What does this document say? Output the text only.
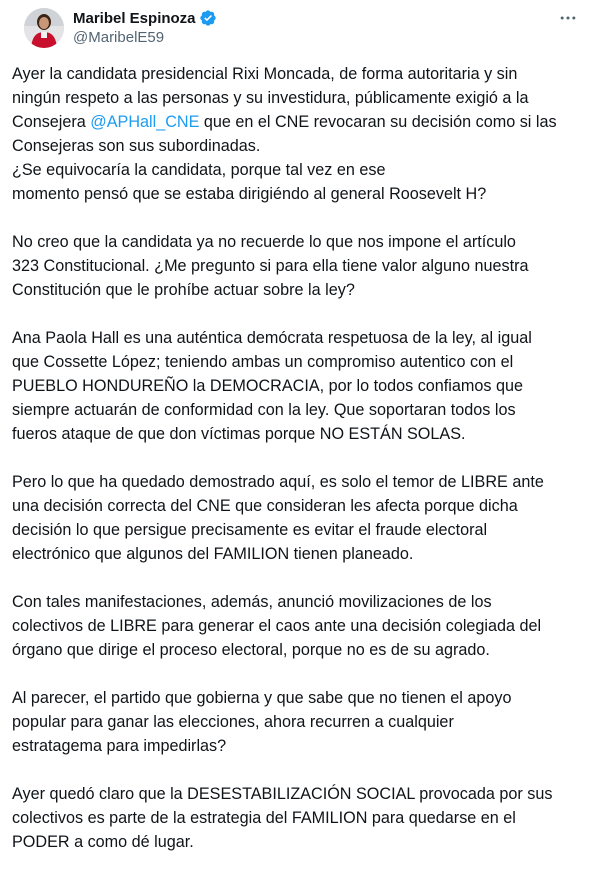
Maribel Espinoza
@MaribelE59
Ayer la candidata presidencial Rixi Moncada, de forma autoritaria y sin
ningún respeto a las personas y su investidura, públicamente exigió a la
Consejera @APHall_CNE que en el CNE revocaran su decisión como si las
Consejeras son sus subordinadas.
¿Se equivocaría la candidata, porque tal vez en ese
momento pensó que se estaba dirigiéndo al general Roosevelt H?
No creo que la candidata ya no recuerde lo que nos impone el artículo
323 Constitucional. ¿Me pregunto si para ella tiene valor alguno nuestra
Constitución que le prohíbe actuar sobre la ley?
Ana Paola Hall es una auténtica demócrata respetuosa de la ley, al igual
que Cossette López; teniendo ambas un compromiso autentico con el
PUEBLO HONDUREÑO la DEMOCRACIA, por lo todos confiamos que
siempre actuarán de conformidad con la ley. Que soportaran todos los
fueros ataque de que don víctimas porque NO ESTÁN SOLAS.
Pero lo que ha quedado demostrado aquí, es solo el temor de LIBRE ante
una decisión correcta del CNE que consideran les afecta porque dicha
decisión lo que persigue precisamente es evitar el fraude electoral
electrónico que algunos del FAMILION tienen planeado.
Con tales manifestaciones, además, anunció movilizaciones de los
colectivos de LIBRE para generar el caos ante una decisión colegiada del
órgano que dirige el proceso electoral, porque no es de su agrado.
Al parecer, el partido que gobierna y que sabe que no tienen el apoyo
popular para ganar las elecciones, ahora recurren a cualquier
estratagema para impedirlas?
Ayer quedó claro que la DESESTABILIZACIÓN SOCIAL provocada por sus
colectivos es parte de la estrategia del FAMILION para quedarse en el
PODER a como dé lugar.
